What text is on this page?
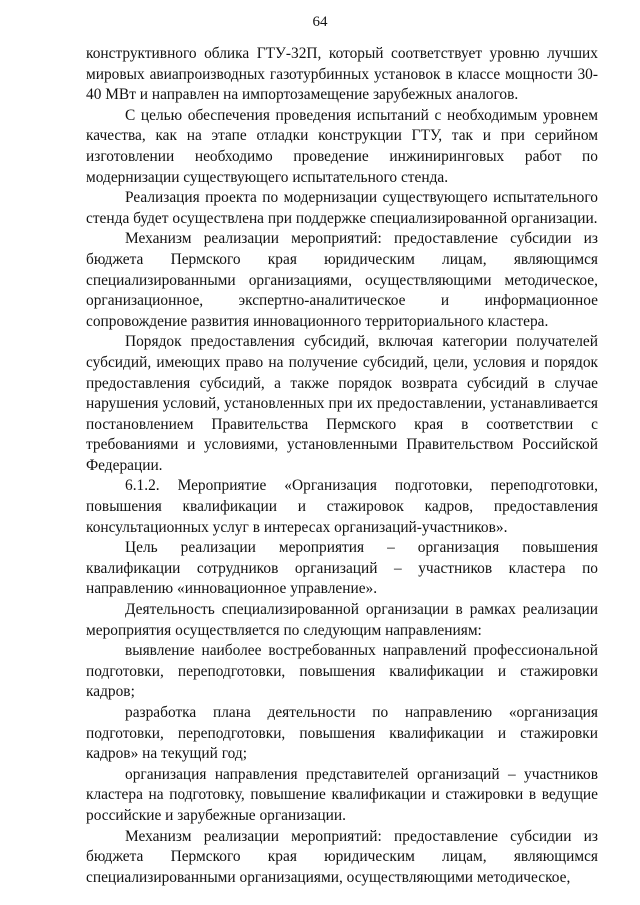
64

конструктивного облика ГТУ-32П, который соответствует уровню лучших мировых авиапроизводных газотурбинных установок в классе мощности 30-40 МВт и направлен на импортозамещение зарубежных аналогов.

С целью обеспечения проведения испытаний с необходимым уровнем качества, как на этапе отладки конструкции ГТУ, так и при серийном изготовлении необходимо проведение инжиниринговых работ по модернизации существующего испытательного стенда.

Реализация проекта по модернизации существующего испытательного стенда будет осуществлена при поддержке специализированной организации.

Механизм реализации мероприятий: предоставление субсидии из бюджета Пермского края юридическим лицам, являющимся специализированными организациями, осуществляющими методическое, организационное, экспертно-аналитическое и информационное сопровождение развития инновационного территориального кластера.

Порядок предоставления субсидий, включая категории получателей субсидий, имеющих право на получение субсидий, цели, условия и порядок предоставления субсидий, а также порядок возврата субсидий в случае нарушения условий, установленных при их предоставлении, устанавливается постановлением Правительства Пермского края в соответствии с требованиями и условиями, установленными Правительством Российской Федерации.

6.1.2. Мероприятие «Организация подготовки, переподготовки, повышения квалификации и стажировок кадров, предоставления консультационных услуг в интересах организаций-участников».

Цель реализации мероприятия – организация повышения квалификации сотрудников организаций – участников кластера по направлению «инновационное управление».

Деятельность специализированной организации в рамках реализации мероприятия осуществляется по следующим направлениям:

выявление наиболее востребованных направлений профессиональной подготовки, переподготовки, повышения квалификации и стажировки кадров;

разработка плана деятельности по направлению «организация подготовки, переподготовки, повышения квалификации и стажировки кадров» на текущий год;

организация направления представителей организаций – участников кластера на подготовку, повышение квалификации и стажировки в ведущие российские и зарубежные организации.

Механизм реализации мероприятий: предоставление субсидии из бюджета Пермского края юридическим лицам, являющимся специализированными организациями, осуществляющими методическое,
